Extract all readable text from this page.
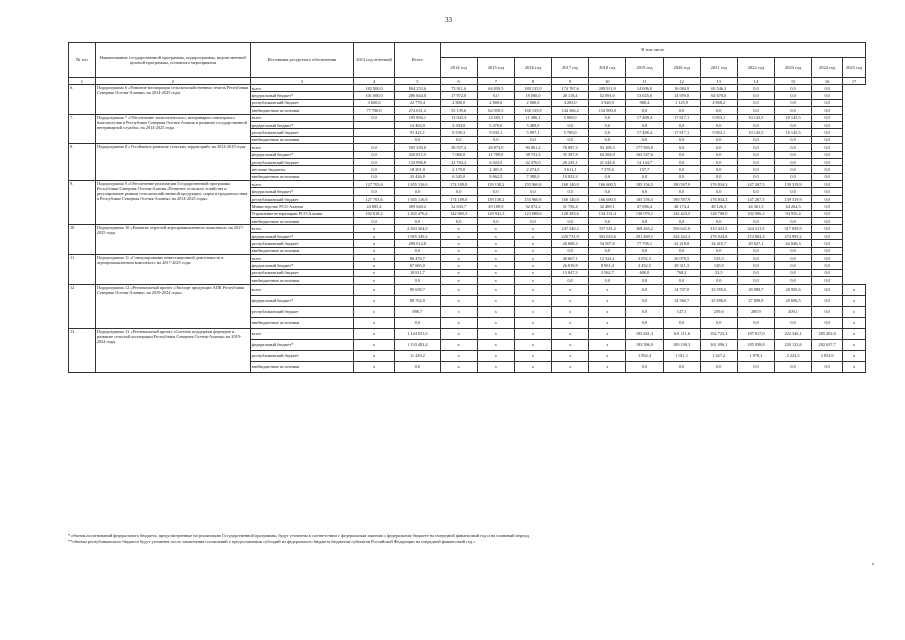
33
№ п/п	Наименование государственной программы, подпрограммы, ведомственной целевой программы, основного мероприятия	Источники ресурсного обеспечения	2013 год отчетный	Всего	В том числе											
					2014 год	2015 год	2016 год	2017 год	2018 год	2019 год	2020 год	2021 год	2022 год	2023 год	2024 год	2025 год
1	2	3	4	5	6	7	8	9	10	11	12	13	14	15	16	17
6.	Подпрограмма 6 «Развитие мелиорации сельскохозяйственных земель Республики Северная Осетия-Алания» на 2014-2025 годы	всего	182 900,0	804 253,6	75 911,6	64 859,5	180 135,9	174 767,6	208 911,9	14 006,0	16 084,9	69 546,2	0,0	0,0	0,0	
		федеральный бюджет*	101 600,0	286 844,0	17 972,0	0,0	18 000,0	26 118,4	52 091,0	13 025,6	14 959,0	64 678,0	0,0	0,0	0,0	
		республиканский бюджет	3 600,0	22 778,4	2 800,0	2 800,0	2 000,0	4 283,0	3 920,9	980,4	1 125,9	4 868,2	0,0	0,0	0,0	
		внебюджетные источники	77 700,0	274 631,2	55 139,6	62 059,5	160 135,9	144 366,2	152 900,0	0,0	0,0	0,0	0,0	0,0	0,0	
7.	Подпрограмма 7 «Обеспечение эпизоотического, ветеринарно-санитарного благополучия в Республике Северная Осетия-Алания и развитие государственной ветеринарной службы» на 2014-2025 годы	всего	0,0	105 884,1	13 043,3	14 505,1	11 386,1	5 900,0	0,0	17 488,4	17 617,1	5 853,1	10 145,5	10 145,5	0,0	
		федеральный бюджет*		14 463,0	3 504,0	5 470,0	5 489,0	0,0	0,0	0,0	0,0	0,0	0,0	0,0	0,0	
		республиканский бюджет		91 421,1	9 539,3	9 035,1	5 897,1	5 700,0	0,0	17 488,4	17 617,1	5 853,1	10 145,5	10 145,5	0,0	
		внебюджетные источники		0,0	0,0	0,0	0,0	0,0	0,0	0,0	0,0	0,0	0,0	0,0	0,0	
8.	Подпрограмма 8 «Устойчивое развитие сельских территорий» на 2014-2019 годы	всего	0,0	505 339,0	38 557,2	28 873,0	90 861,2	76 087,3	93 108,3	177 850,0	0,0	0,0	0,0	0,0	0,0	
		федеральный бюджет*	0,0	320 815,5	7 060,0	11 789,0	38 731,2	35 397,8	64 284,9	163 547,6	0,0	0,0	0,0	0,0	0,0	
		республиканский бюджет	0,0	132 896,8	22 764,2	6 022,0	42 476,0	26 245,1	21 244,8	14 144,7	0,0	0,0	0,0	0,0	0,0	
		местные бюджеты	0,0	18 201,9	2 179,0	2 401,5	2 274,0	3 611,1	7 578,6	157,7	0,0	0,0	0,0	0,0	0,0	
		внебюджетные источники	0,0	33 426,8	6 545,0	8 662,5	7 380,0	10 833,3	0,0	0,0	0,0	0,0	0,0	0,0	0,0	
9.	Подпрограмма 9 «Обеспечение реализации Государственной программы Республики Северная Осетия-Алания «Развитие сельского хозяйства и регулирование рынков сельскохозяйственной продукции, сырья и продовольствия в Республике Северная Осетия-Алания» на 2014-2025 годы»	всего	127 703,6	1 655 116,6	174 109,0	159 130,2	155 960,8	160 140,0	166 600,5	185 156,5	190 597,9	176 834,3	147 267,5	139 319,9	0,0	
		федеральный бюджет*	0,0	0,0	0,0	0,0	0,0	0,0	0,0	0,0	0,0	0,0	0,0	0,0	0,0	
		республиканский бюджет	127 703,6	1 655 116,6	174 109,0	159 130,2	155 960,8	160 140,0	166 600,5	185 156,5	190 597,9	176 834,3	147 267,5	139 319,9	0,0	
		Министерство РСО-Алания	24 885,4	389 640,2	32 043,7	29 188,9	32 072,2	31 756,4	32 469,1	47 086,4	48 174,4	48 126,3	44 361,3	44 264,5	0,0	
		Управление ветеринарии РСО-Алания	102 818,2	1 265 476,4	142 065,3	129 941,3	123 888,6	128 383,6	134 131,4	138 070,1	142 423,5	128 708,0	102 906,2	94 955,4	0,0	
		внебюджетные источники	0,0	0,0	0,0	0,0	0,0	0,0	0,0	0,0	0,0	0,0	0,0	0,0	0,0	
10	Подпрограмма 10 «Развитие отраслей агропромышленного комплекса» на 2017-2025 годы	всего	х	2 263 364,0	х	х	х	247 340,2	337 531,2	369 265,2	356 641,0	310 433,5	324 311,5	317 839,5	0,0	
		федеральный бюджет*	х	1 965 349,2	х	х	х	220 731,9	303 023,6	291 469,1	324 422,2	276 024,8	274 884,4	274 993,2	0,0	
		республиканский бюджет	х	298 014,8	х	х	х	26 608,3	34 507,6	77 796,1	32 218,8	34 410,7	49 627,1	42 846,3	0,0	
		внебюджетные источники	х	0,0	х	х	х	0,0	0,0	0,0	0,0	0,0	0,0	0,0	0,0	
11	Подпрограмма 11 «Стимулирование инвестиционной деятельности в агропромышленном комплексе» на 2017-2025 годы	всего	х	86 476,7	х	х	х	40 667,1	12 524,1	3 052,3	30 079,5	153,5	0,0	0,0	0,0	
		федеральный бюджет*	х	67 665,0	х	х	х	26 819,8	8 961,4	2 452,5	29 311,3	120,0	0,0	0,0	0,0	
		республиканский бюджет	х	18 811,7	х	х	х	13 847,3	3 562,7	600,0	768,2	33,5	0,0	0,0	0,0	
		внебюджетные источники	х	0,0	х	х	х	0,0	0,0	0,0	0,0	0,0	0,0	0,0	0,0	
12	Подпрограмма 12 «Региональный проект «Экспорт продукции АПК Республики Северная Осетия-Алания» на 2019-2024 годы»	всего	х	89 658,7	х	х	х	х	х	0,0	14 707,8	25 955,6	28 089,7	20 905,6	0,0	х
		федеральный бюджет*	х	88 762,0	х	х	х	х	х	0,0	14 560,7	25 696,0	27 808,8	20 696,5	0,0	х
		республиканский бюджет	х	896,7	х	х	х	х	х	0,0	147,1	259,6	280,9	209,1	0,0	х
		внебюджетные источники	х	0,0	х	х	х	х	х	0,0	0,0	0,0	0,0	0,0	0,0	х
13	Подпрограмма 13 «Региональный проект «Система поддержки фермеров и развитие сельской кооперации Республики Северная Осетия-Алания» на 2019-2024 годы	всего	х	1 144 931,6	х	х	х	х	х	185 441,3	101 111,6	162 723,3	187 817,0	222 346,1	285 492,6	х
		федеральный бюджет*	х	1 133 482,4	х	х	х	х	х	183 586,9	100 100,3	161 096,1	185 938,8	220 122,6	282 637,7	х
		республиканский бюджет	х	11 449,2	х	х	х	х	х	1 854,4	1 011,1	1 627,2	1 878,2	2 223,5	2 854,9	х
		внебюджетные источники	х	0,0	х	х	х	х	х	0,0	0,0	0,0	0,0	0,0	0,0	х
* объемы ассигнований федерального бюджета, предусмотренные на реализацию Государственной программы, будут уточнены в соответствии с федеральным законом о федеральном бюджете на очередной финансовый год и на плановый период.
**объемы республиканского бюджета будут уточнены после заключения соглашений о предоставлении субсидий из федерального бюджета бюджетам субъектов Российской Федерации на очередной финансовый год.»
»
